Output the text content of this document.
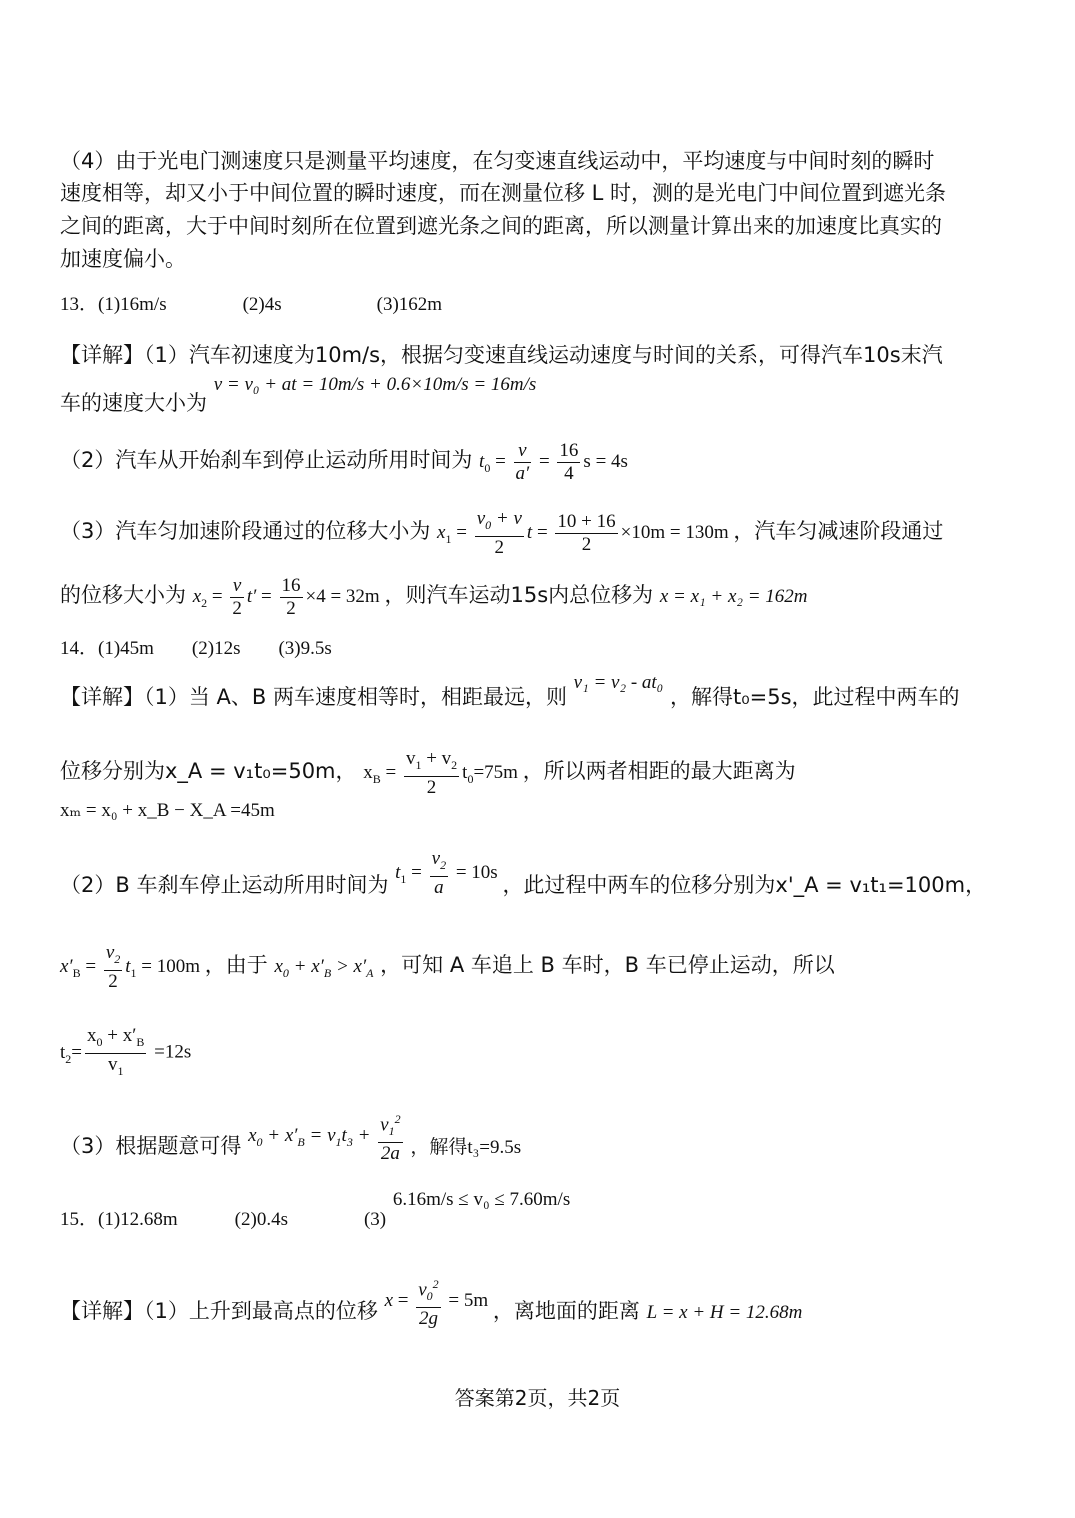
（4）由于光电门测速度只是测量平均速度，在匀变速直线运动中，平均速度与中间时刻的瞬时
速度相等，却又小于中间位置的瞬时速度，而在测量位移 L 时，测的是光电门中间位置到遮光条
之间的距离，大于中间时刻所在位置到遮光条之间的距离，所以测量计算出来的加速度比真实的
加速度偏小。
13．(1)16m/s　　　　(2)4s　　　　　(3)162m
【详解】（1）汽车初速度为10m/s，根据匀变速直线运动速度与时间的关系，可得汽车10s末汽
车的速度大小为 v = v₀ + at = 10m/s + 0.6×10m/s = 16m/s
（2）汽车从开始刹车到停止运动所用时间为 $t_0 = \frac{v}{a'} = \frac{16}{4}$ s = 4s
（3）汽车匀加速阶段通过的位移大小为 $x_1 = \frac{v_0 + v}{2}$ $t = \frac{10 + 16}{2} \times 10m = 130m$ ，汽车匀减速阶段通过
的位移大小为 $x_2 = \frac{v}{2} t' = \frac{16}{2} \times 4 = 32m$ ，则汽车运动15s内总位移为 x = x₁ + x₂ = 162m
14．(1)45m　　(2)12s　　(3)9.5s
【详解】（1）当 A、B 两车速度相等时，相距最远，则 v₁ = v₂ - at₀ ，解得t₀=5s，此过程中两车的
位移分别为x_A = v₁t₀=50m， $x_B = \frac{v_1 + v_2}{2} t_0=75m$ ，所以两者相距的最大距离为
xₘ = x₀ + x_B − X_A =45m
（2）B 车刹车停止运动所用时间为 $t_1 = \frac{v_2}{a} = 10s$ ，此过程中两车的位移分别为x'_A = v₁t₁=100m，
$x'_B = \frac{v_2}{2} t_1 = 100m$ ，由于 $x_0 + x'_B > x'_A$ ，可知 A 车追上 B 车时，B 车已停止运动，所以
$t_2= \frac{x_0 + x'_B}{v_1} =12s$
（3）根据题意可得 $x_0 + x'_B = v_1t_3 + \frac{v_1^2}{2a}$ ，解得t₃=9.5s
15．(1)12.68m　　　(2)0.4s　　　　(3) 6.16m/s ≤ v₀ ≤ 7.60m/s
【详解】（1）上升到最高点的位移 $x = \frac{v_0^2}{2g} = 5m$ ，离地面的距离 L = x + H = 12.68m
答案第2页，共2页
